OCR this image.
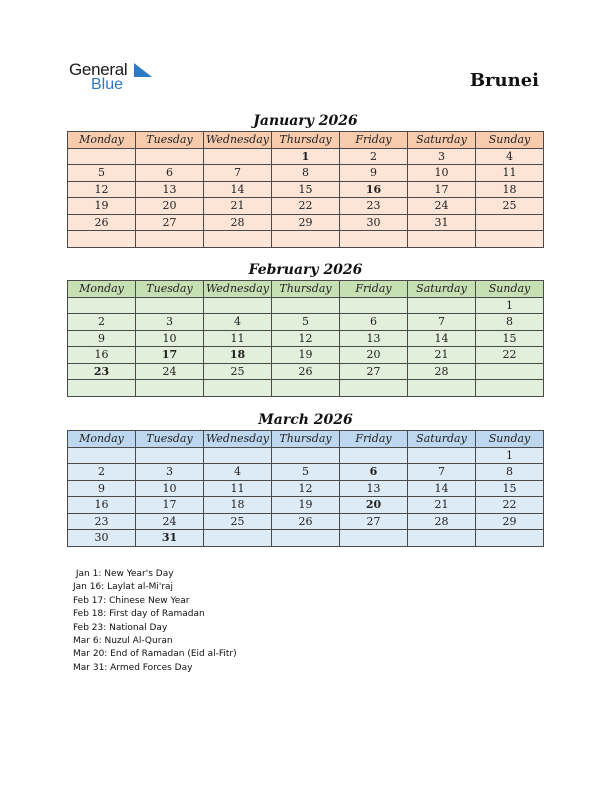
General
Blue	Brunei
January 2026
Monday	Tuesday	Wednesday	Thursday	Friday	Saturday	Sunday
			1	2	3	4
5	6	7	8	9	10	11
12	13	14	15	16	17	18
19	20	21	22	23	24	25
26	27	28	29	30	31	

February 2026
Monday	Tuesday	Wednesday	Thursday	Friday	Saturday	Sunday
						1
2	3	4	5	6	7	8
9	10	11	12	13	14	15
16	17	18	19	20	21	22
23	24	25	26	27	28	

March 2026
Monday	Tuesday	Wednesday	Thursday	Friday	Saturday	Sunday
						1
2	3	4	5	6	7	8
9	10	11	12	13	14	15
16	17	18	19	20	21	22
23	24	25	26	27	28	29
30	31					
Jan 1: New Year's Day
Jan 16: Laylat al-Mi'raj
Feb 17: Chinese New Year
Feb 18: First day of Ramadan
Feb 23: National Day
Mar 6: Nuzul Al-Quran
Mar 20: End of Ramadan (Eid al-Fitr)
Mar 31: Armed Forces Day
